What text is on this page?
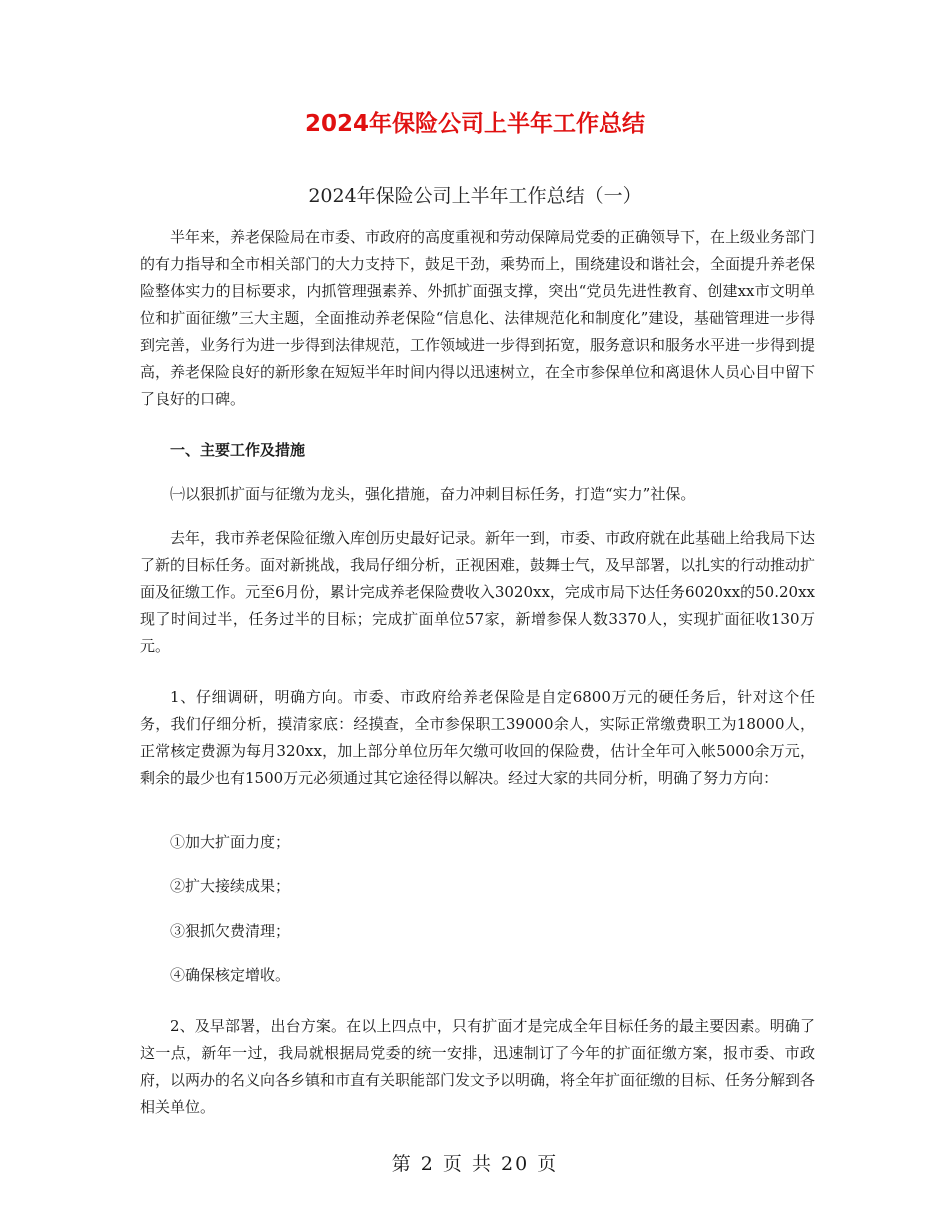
2024年保险公司上半年工作总结
2024年保险公司上半年工作总结（一）

半年来，养老保险局在市委、市政府的高度重视和劳动保障局党委的正确领导下，在上级业务部门的有力指导和全市相关部门的大力支持下，鼓足干劲，乘势而上，围绕建设和谐社会，全面提升养老保险整体实力的目标要求，内抓管理强素养、外抓扩面强支撑，突出“党员先进性教育、创建xx市文明单位和扩面征缴”三大主题，全面推动养老保险“信息化、法律规范化和制度化”建设，基础管理进一步得到完善，业务行为进一步得到法律规范，工作领域进一步得到拓宽，服务意识和服务水平进一步得到提高，养老保险良好的新形象在短短半年时间内得以迅速树立，在全市参保单位和离退休人员心目中留下了良好的口碑。

一、主要工作及措施

㈠以狠抓扩面与征缴为龙头，强化措施，奋力冲刺目标任务，打造“实力”社保。

去年，我市养老保险征缴入库创历史最好记录。新年一到，市委、市政府就在此基础上给我局下达了新的目标任务。面对新挑战，我局仔细分析，正视困难，鼓舞士气，及早部署，以扎实的行动推动扩面及征缴工作。元至6月份，累计完成养老保险费收入3020xx，完成市局下达任务6020xx的50.20xx现了时间过半，任务过半的目标；完成扩面单位57家，新增参保人数3370人，实现扩面征收130万元。

1、仔细调研，明确方向。市委、市政府给养老保险是自定6800万元的硬任务后，针对这个任务，我们仔细分析，摸清家底：经摸查，全市参保职工39000余人，实际正常缴费职工为18000人，正常核定费源为每月320xx，加上部分单位历年欠缴可收回的保险费，估计全年可入帐5000余万元，剩余的最少也有1500万元必须通过其它途径得以解决。经过大家的共同分析，明确了努力方向：

①加大扩面力度；

②扩大接续成果；

③狠抓欠费清理；

④确保核定增收。

2、及早部署，出台方案。在以上四点中，只有扩面才是完成全年目标任务的最主要因素。明确了这一点，新年一过，我局就根据局党委的统一安排，迅速制订了今年的扩面征缴方案，报市委、市政府，以两办的名义向各乡镇和市直有关职能部门发文予以明确，将全年扩面征缴的目标、任务分解到各相关单位。

第 2 页 共 20 页
